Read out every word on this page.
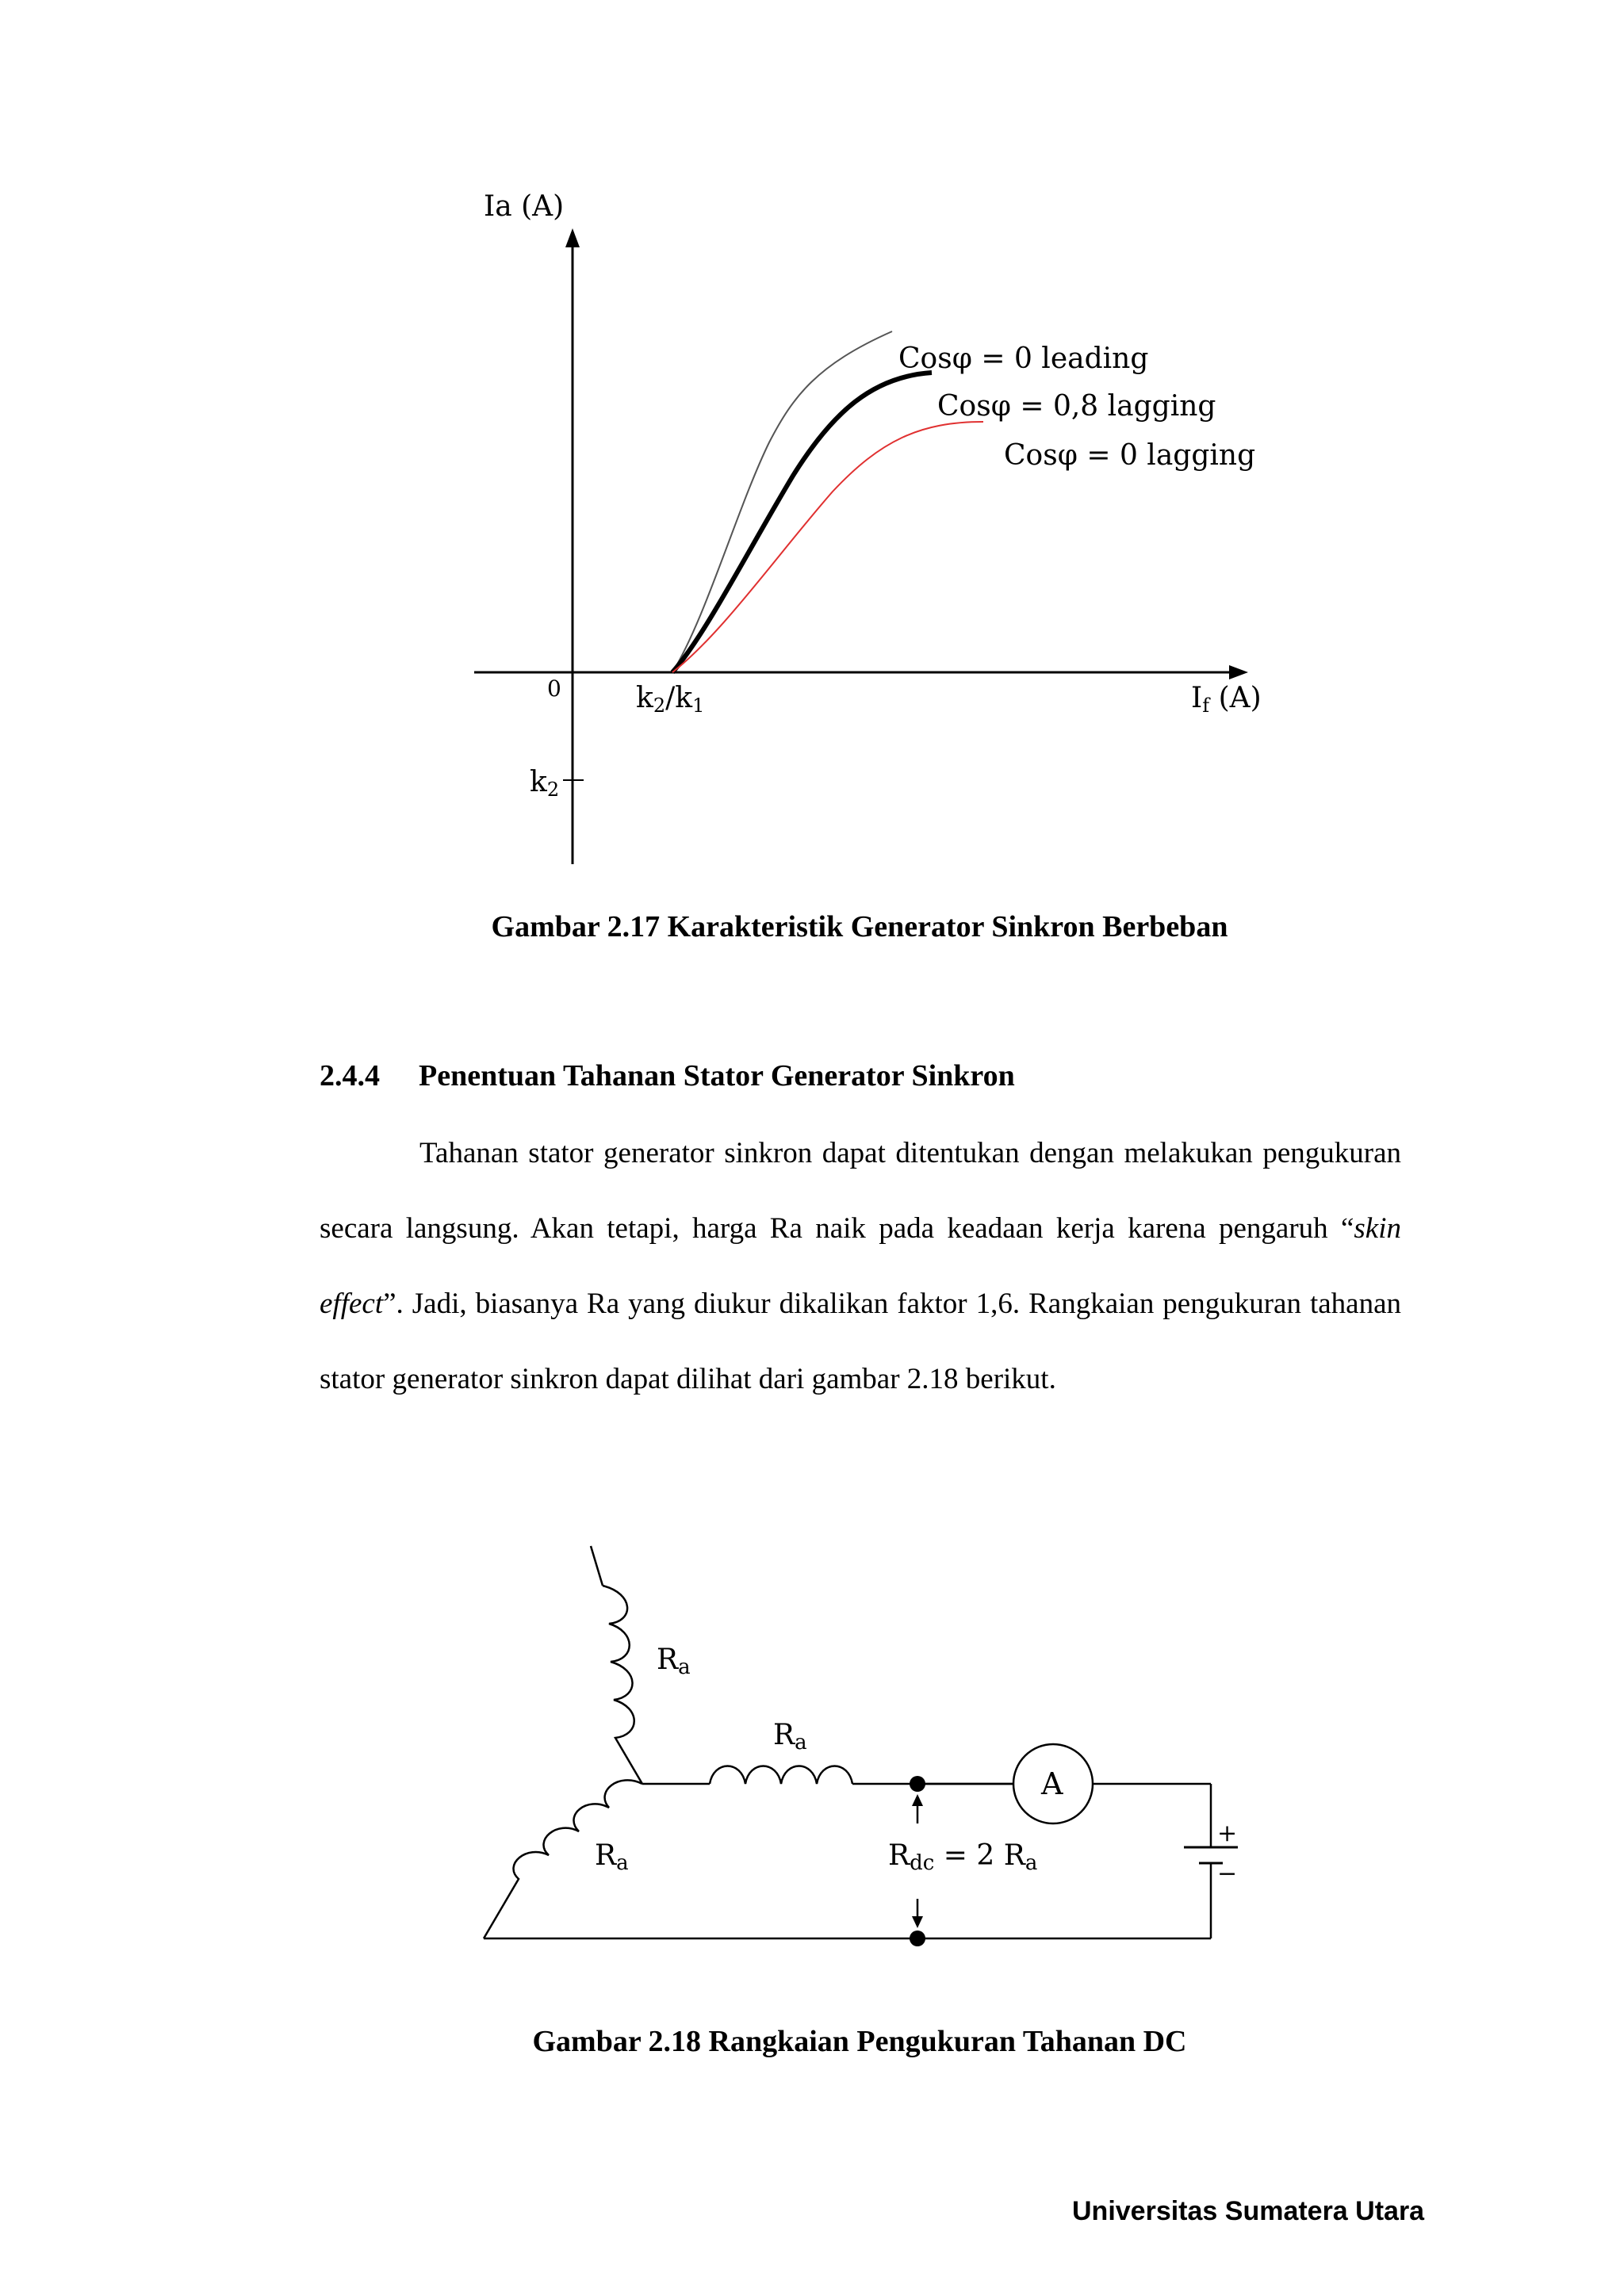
Ia (A)
0
k2
k2/k1	If (A)
Cosφ = 0 leading
Cosφ = 0,8 lagging
Cosφ = 0 lagging
Gambar 2.17 Karakteristik Generator Sinkron Berbeban
2.4.4 Penentuan Tahanan Stator Generator Sinkron

Tahanan stator generator sinkron dapat ditentukan dengan melakukan pengukuran secara langsung. Akan tetapi, harga Ra naik pada keadaan kerja karena pengaruh “skin effect”. Jadi, biasanya Ra yang diukur dikalikan faktor 1,6. Rangkaian pengukuran tahanan stator generator sinkron dapat dilihat dari gambar 2.18 berikut.

A
+
−
Ra
Ra
Ra	Rdc = 2 Ra
Gambar 2.18 Rangkaian Pengukuran Tahanan DC
Universitas Sumatera Utara
